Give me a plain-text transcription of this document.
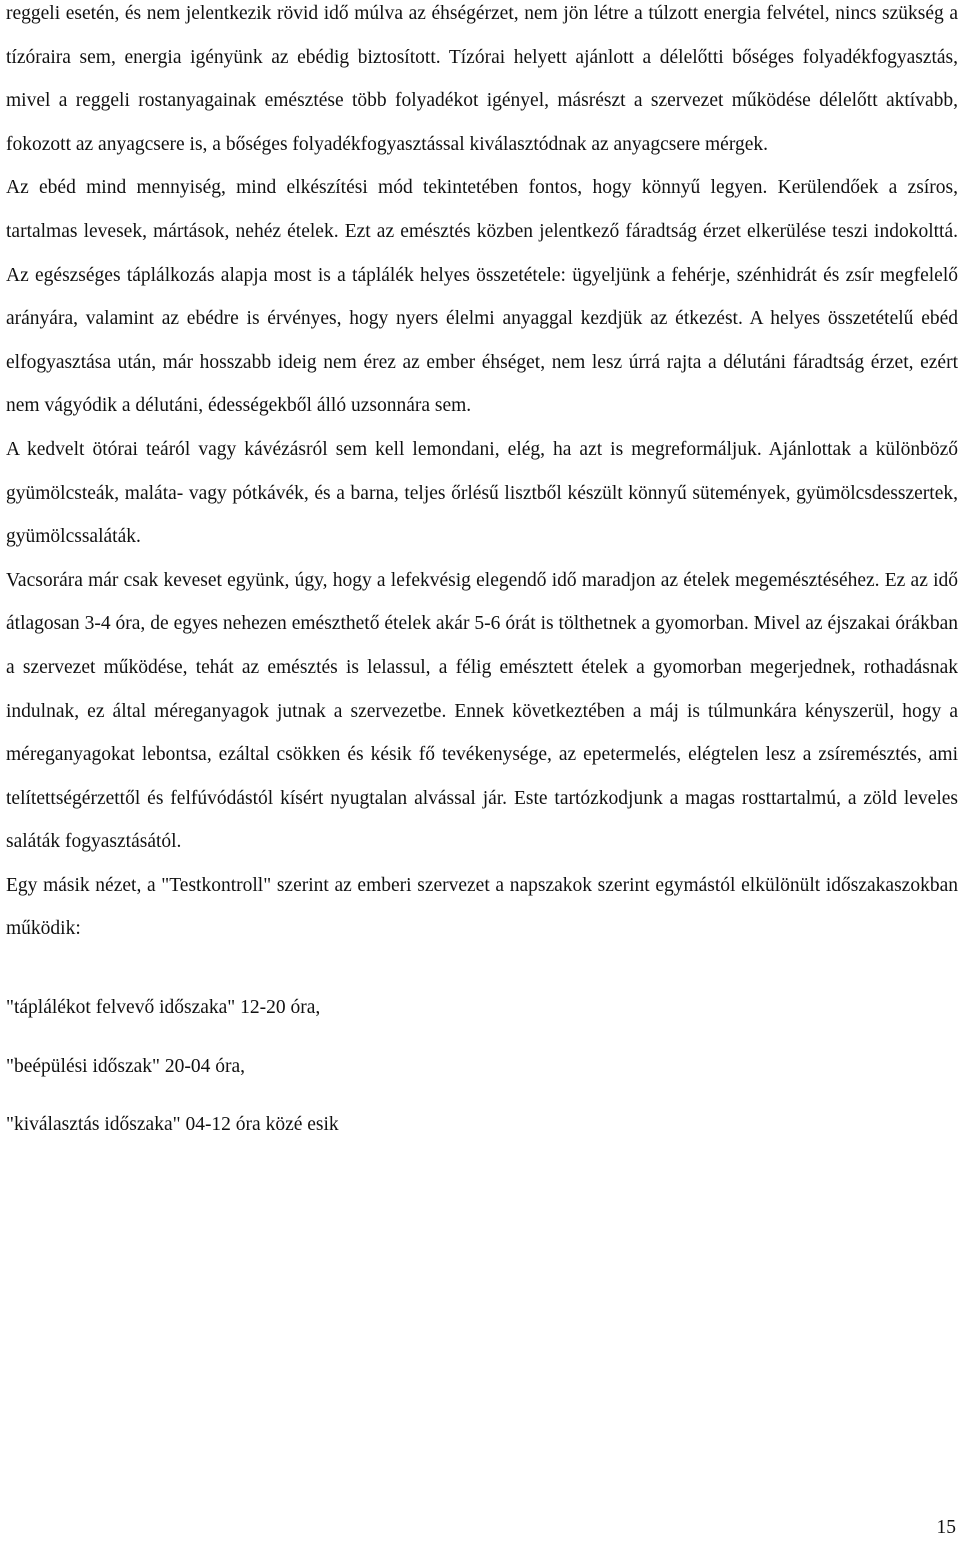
reggeli esetén, és nem jelentkezik rövid idő múlva az éhségérzet, nem jön létre a túlzott energia felvétel, nincs szükség a tízóraira sem, energia igényünk az ebédig biztosított. Tízórai helyett ajánlott a délelőtti bőséges folyadékfogyasztás, mivel a reggeli rostanyagainak emésztése több folyadékot igényel, másrészt a szervezet működése délelőtt aktívabb, fokozott az anyagcsere is, a bőséges folyadékfogyasztással kiválasztódnak az anyagcsere mérgek.

Az ebéd mind mennyiség, mind elkészítési mód tekintetében fontos, hogy könnyű legyen. Kerülendőek a zsíros, tartalmas levesek, mártások, nehéz ételek. Ezt az emésztés közben jelentkező fáradtság érzet elkerülése teszi indokolttá. Az egészséges táplálkozás alapja most is a táplálék helyes összetétele: ügyeljünk a fehérje, szénhidrát és zsír megfelelő arányára, valamint az ebédre is érvényes, hogy nyers élelmi anyaggal kezdjük az étkezést. A helyes összetételű ebéd elfogyasztása után, már hosszabb ideig nem érez az ember éhséget, nem lesz úrrá rajta a délutáni fáradtság érzet, ezért nem vágyódik a délutáni, édességekből álló uzsonnára sem.

A kedvelt ötórai teáról vagy kávézásról sem kell lemondani, elég, ha azt is megreformáljuk. Ajánlottak a különböző gyümölcsteák, maláta- vagy pótkávék, és a barna, teljes őrlésű lisztből készült könnyű sütemények, gyümölcsdesszertek, gyümölcssaláták.

Vacsorára már csak keveset együnk, úgy, hogy a lefekvésig elegendő idő maradjon az ételek megemésztéséhez. Ez az idő átlagosan 3-4 óra, de egyes nehezen emészthető ételek akár 5-6 órát is tölthetnek a gyomorban. Mivel az éjszakai órákban a szervezet működése, tehát az emésztés is lelassul, a félig emésztett ételek a gyomorban megerjednek, rothadásnak indulnak, ez által méreganyagok jutnak a szervezetbe. Ennek következtében a máj is túlmunkára kényszerül, hogy a méreganyagokat lebontsa, ezáltal csökken és késik fő tevékenysége, az epetermelés, elégtelen lesz a zsíremésztés, ami telítettségérzettől és felfúvódástól kísért nyugtalan alvással jár. Este tartózkodjunk a magas rosttartalmú, a zöld leveles saláták fogyasztásától.

Egy másik nézet, a "Testkontroll" szerint az emberi szervezet a napszakok szerint egymástól elkülönült időszakaszokban működik:

"táplálékot felvevő időszaka" 12-20 óra,

"beépülési időszak" 20-04 óra,

"kiválasztás időszaka" 04-12 óra közé esik

15
